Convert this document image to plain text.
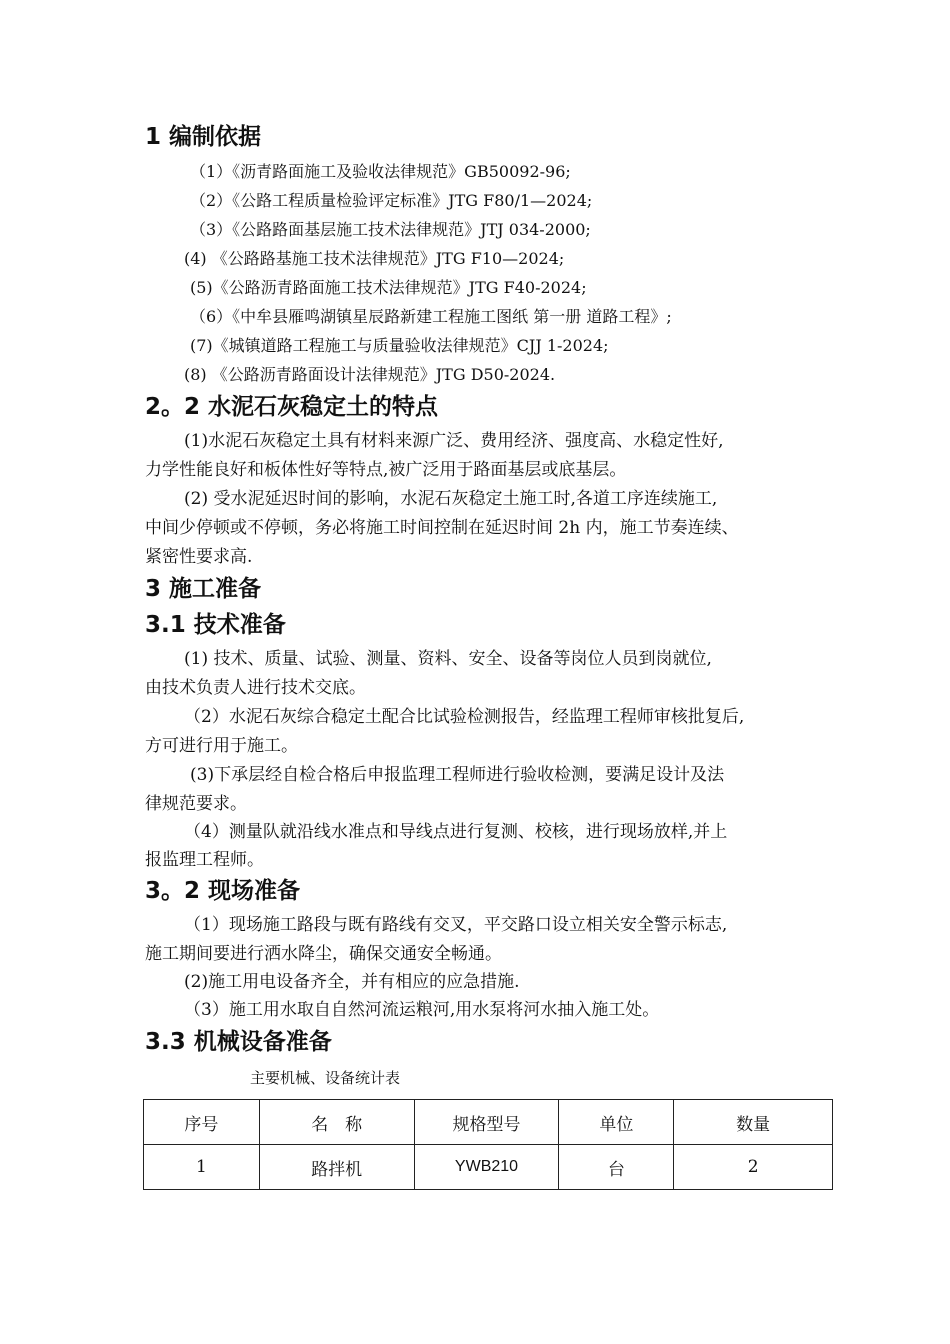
1 编制依据
（1）《沥青路面施工及验收法律规范》GB50092-96;
（2）《公路工程质量检验评定标准》JTG F80/1—2024;
（3）《公路路面基层施工技术法律规范》JTJ 034-2000;
(4) 《公路路基施工技术法律规范》JTG F10—2024;
(5)《公路沥青路面施工技术法律规范》JTG F40-2024;
（6）《中牟县雁鸣湖镇星辰路新建工程施工图纸 第一册 道路工程》;
(7)《城镇道路工程施工与质量验收法律规范》CJJ 1-2024;
(8) 《公路沥青路面设计法律规范》JTG D50-2024.
2。2 水泥石灰稳定土的特点
(1)水泥石灰稳定土具有材料来源广泛、费用经济、强度高、水稳定性好,
力学性能良好和板体性好等特点,被广泛用于路面基层或底基层。
(2) 受水泥延迟时间的影响，水泥石灰稳定土施工时,各道工序连续施工,
中间少停顿或不停顿，务必将施工时间控制在延迟时间 2h 内，施工节奏连续、
紧密性要求高.
3 施工准备
3.1 技术准备
(1) 技术、质量、试验、测量、资料、安全、设备等岗位人员到岗就位,
由技术负责人进行技术交底。
（2）水泥石灰综合稳定土配合比试验检测报告，经监理工程师审核批复后,
方可进行用于施工。
(3)下承层经自检合格后申报监理工程师进行验收检测，要满足设计及法
律规范要求。
（4）测量队就沿线水准点和导线点进行复测、校核，进行现场放样,并上
报监理工程师。
3。2 现场准备
（1）现场施工路段与既有路线有交叉，平交路口设立相关安全警示标志,
施工期间要进行洒水降尘，确保交通安全畅通。
(2)施工用电设备齐全，并有相应的应急措施.
（3）施工用水取自自然河流运粮河,用水泵将河水抽入施工处。
3.3 机械设备准备
主要机械、设备统计表
序号	名　称	规格型号	单位	数量
1	路拌机	YWB210	台	2
